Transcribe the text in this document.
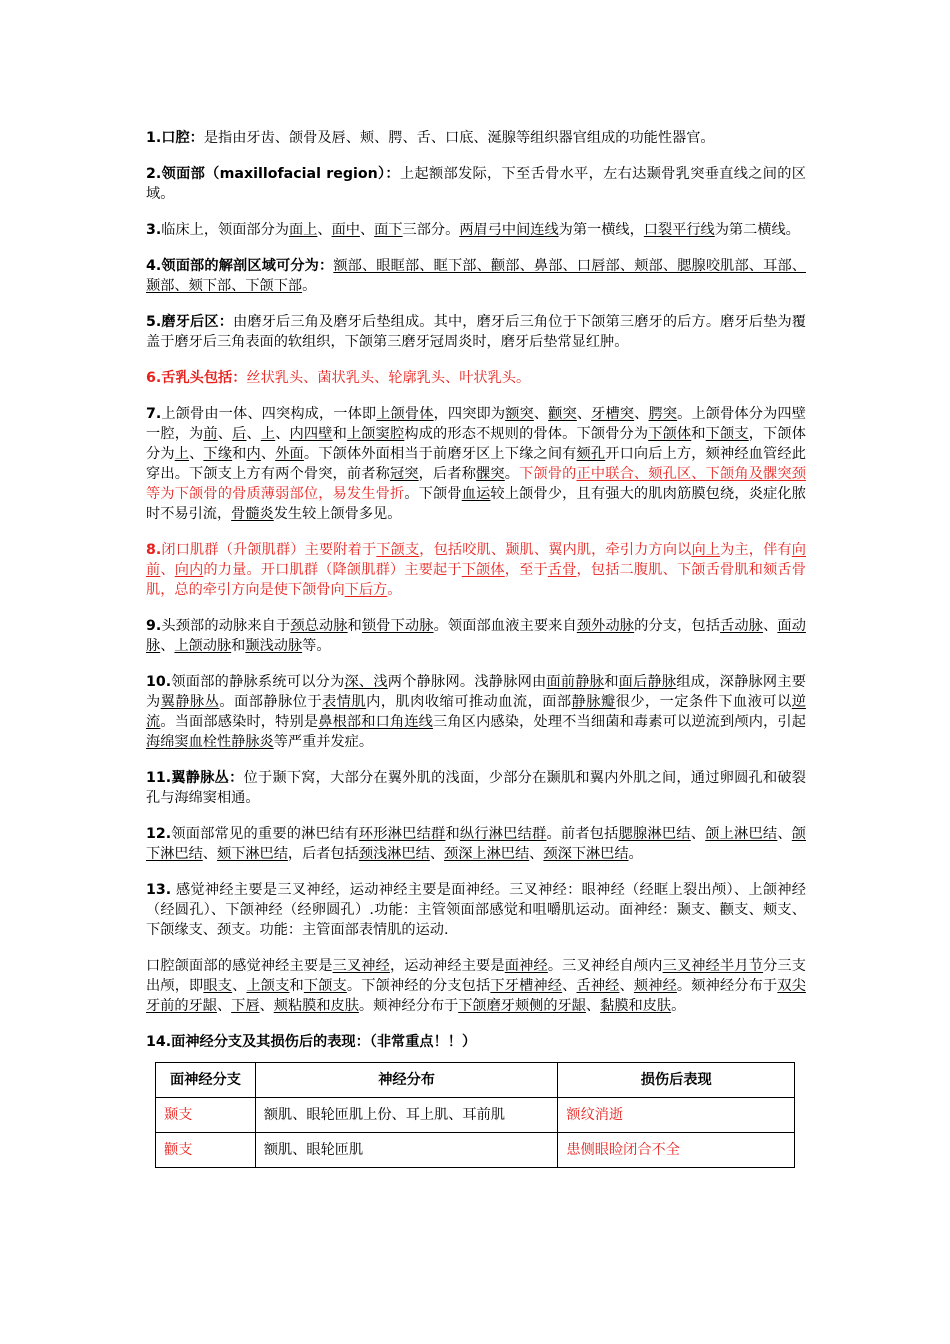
1.口腔：是指由牙齿、颌骨及唇、颊、腭、舌、口底、涎腺等组织器官组成的功能性器官。

2.领面部（maxillofacial region）：上起额部发际，下至舌骨水平，左右达颞骨乳突垂直线之间的区域。

3.临床上，领面部分为面上、面中、面下三部分。两眉弓中间连线为第一横线，口裂平行线为第二横线。

4.领面部的解剖区域可分为：额部、眼眶部、眶下部、颧部、鼻部、口唇部、颊部、腮腺咬肌部、耳部、颞部、颏下部、下颌下部。

5.磨牙后区：由磨牙后三角及磨牙后垫组成。其中，磨牙后三角位于下颌第三磨牙的后方。磨牙后垫为覆盖于磨牙后三角表面的软组织，下颌第三磨牙冠周炎时，磨牙后垫常显红肿。

6.舌乳头包括：丝状乳头、菌状乳头、轮廓乳头、叶状乳头。

7.上颌骨由一体、四突构成，一体即上颌骨体，四突即为额突、颧突、牙槽突、腭突。上颌骨体分为四壁一腔，为前、后、上、内四壁和上颌窦腔构成的形态不规则的骨体。下颌骨分为下颌体和下颌支，下颌体分为上、下缘和内、外面。下颌体外面相当于前磨牙区上下缘之间有颏孔开口向后上方，颏神经血管经此穿出。下颌支上方有两个骨突，前者称冠突，后者称髁突。下颌骨的正中联合、颏孔区、下颌角及髁突颈等为下颌骨的骨质薄弱部位，易发生骨折。下颌骨血运较上颌骨少，且有强大的肌肉筋膜包绕，炎症化脓时不易引流，骨髓炎发生较上颌骨多见。

8.闭口肌群（升颌肌群）主要附着于下颌支，包括咬肌、颞肌、翼内肌，牵引力方向以向上为主，伴有向前、向内的力量。开口肌群（降颌肌群）主要起于下颌体，至于舌骨，包括二腹肌、下颌舌骨肌和颏舌骨肌，总的牵引方向是使下颌骨向下后方。

9.头颈部的动脉来自于颈总动脉和锁骨下动脉。领面部血液主要来自颈外动脉的分支，包括舌动脉、面动脉、上颌动脉和颞浅动脉等。

10.领面部的静脉系统可以分为深、浅两个静脉网。浅静脉网由面前静脉和面后静脉组成，深静脉网主要为翼静脉丛。面部静脉位于表情肌内，肌肉收缩可推动血流，面部静脉瓣很少，一定条件下血液可以逆流。当面部感染时，特别是鼻根部和口角连线三角区内感染，处理不当细菌和毒素可以逆流到颅内，引起海绵窦血栓性静脉炎等严重并发症。

11.翼静脉丛：位于颞下窝，大部分在翼外肌的浅面，少部分在颞肌和翼内外肌之间，通过卵圆孔和破裂孔与海绵窦相通。

12.领面部常见的重要的淋巴结有环形淋巴结群和纵行淋巴结群。前者包括腮腺淋巴结、颌上淋巴结、颌下淋巴结、颏下淋巴结，后者包括颈浅淋巴结、颈深上淋巴结、颈深下淋巴结。

13. 感觉神经主要是三叉神经，运动神经主要是面神经。三叉神经：眼神经（经眶上裂出颅）、上颌神经（经圆孔）、下颌神经（经卵圆孔）.功能：主管领面部感觉和咀嚼肌运动。面神经：颞支、颧支、颊支、下颌缘支、颈支。功能：主管面部表情肌的运动.

口腔颌面部的感觉神经主要是三叉神经，运动神经主要是面神经。三叉神经自颅内三叉神经半月节分三支出颅，即眼支、上颌支和下颌支。下颌神经的分支包括下牙槽神经、舌神经、颊神经。颏神经分布于双尖牙前的牙龈、下唇、颊粘膜和皮肤。颊神经分布于下颌磨牙颊侧的牙龈、黏膜和皮肤。

14.面神经分支及其损伤后的表现：（非常重点！！）

面神经分支	神经分布	损伤后表现
颞支	额肌、眼轮匝肌上份、耳上肌、耳前肌	额纹消逝
颧支	额肌、眼轮匝肌	患侧眼睑闭合不全
